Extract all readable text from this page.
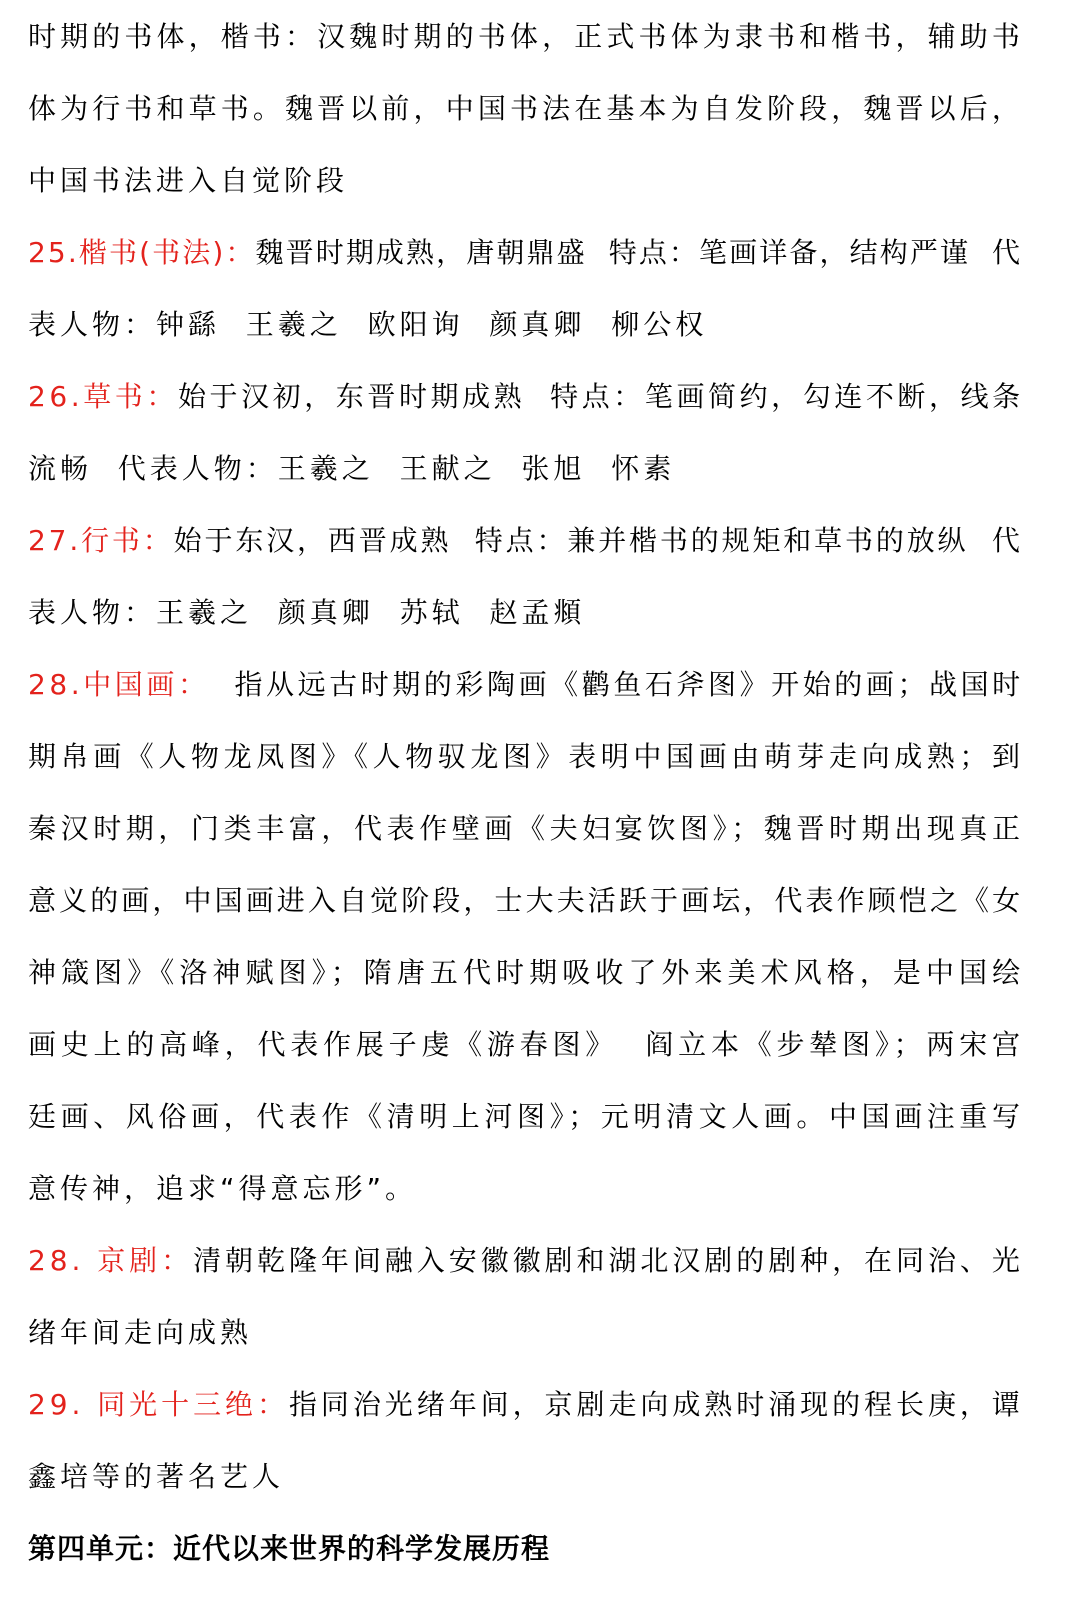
时期的书体，楷书：汉魏时期的书体，正式书体为隶书和楷书，辅助书
体为行书和草书。魏晋以前，中国书法在基本为自发阶段，魏晋以后，
中国书法进入自觉阶段
25.楷书(书法)：魏晋时期成熟，唐朝鼎盛  特点：笔画详备，结构严谨  代
表人物：钟繇  王羲之  欧阳询  颜真卿  柳公权
26.草书：始于汉初，东晋时期成熟  特点：笔画简约，勾连不断，线条
流畅  代表人物：王羲之  王献之  张旭  怀素
27.行书：始于东汉，西晋成熟  特点：兼并楷书的规矩和草书的放纵  代
表人物：王羲之  颜真卿  苏轼  赵孟頫
28.中国画：  指从远古时期的彩陶画《鹳鱼石斧图》开始的画；战国时
期帛画《人物龙凤图》《人物驭龙图》表明中国画由萌芽走向成熟；到
秦汉时期，门类丰富，代表作壁画《夫妇宴饮图》；魏晋时期出现真正
意义的画，中国画进入自觉阶段，士大夫活跃于画坛，代表作顾恺之《女
神箴图》《洛神赋图》；隋唐五代时期吸收了外来美术风格，是中国绘
画史上的高峰，代表作展子虔《游春图》  阎立本《步辇图》；两宋宫
廷画、风俗画，代表作《清明上河图》；元明清文人画。中国画注重写
意传神，追求“得意忘形”。
28. 京剧：清朝乾隆年间融入安徽徽剧和湖北汉剧的剧种，在同治、光
绪年间走向成熟
29. 同光十三绝：指同治光绪年间，京剧走向成熟时涌现的程长庚，谭
鑫培等的著名艺人
第四单元：近代以来世界的科学发展历程
